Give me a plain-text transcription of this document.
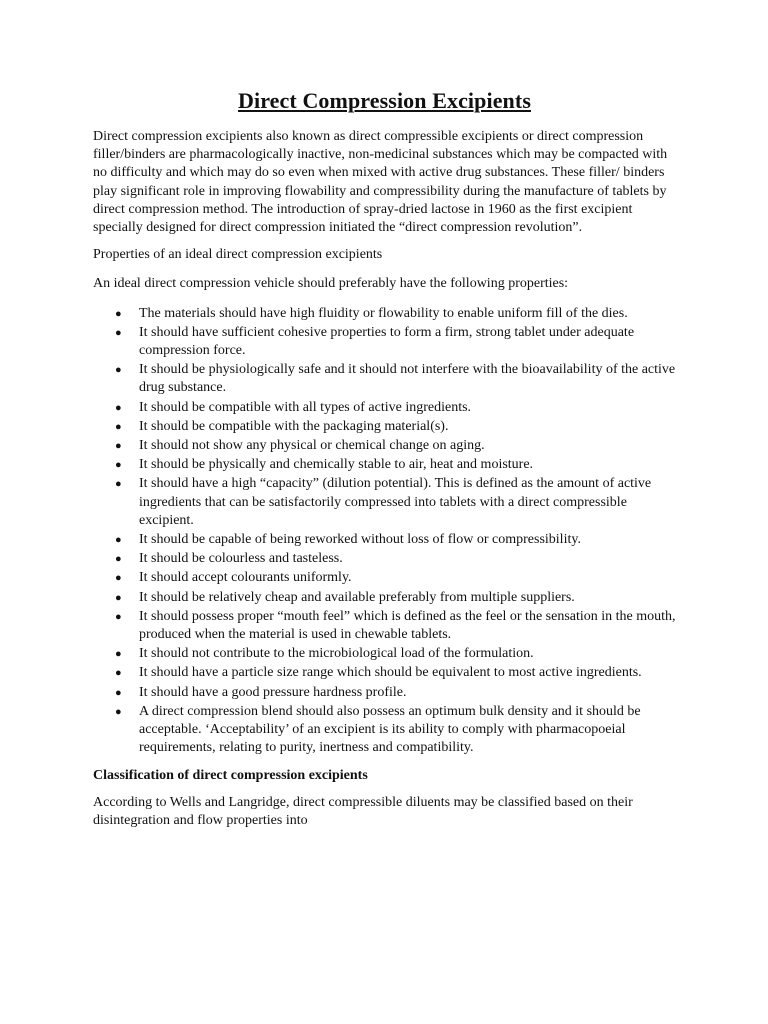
Direct Compression Excipients

Direct compression excipients also known as direct compressible excipients or direct compression filler/binders are pharmacologically inactive, non-medicinal substances which may be compacted with no difficulty and which may do so even when mixed with active drug substances. These filler/ binders play significant role in improving flowability and compressibility during the manufacture of tablets by direct compression method. The introduction of spray-dried lactose in 1960 as the first excipient specially designed for direct compression initiated the “direct compression revolution”.

Properties of an ideal direct compression excipients

An ideal direct compression vehicle should preferably have the following properties:

● The materials should have high fluidity or flowability to enable uniform fill of the dies.
● It should have sufficient cohesive properties to form a firm, strong tablet under adequate compression force.
● It should be physiologically safe and it should not interfere with the bioavailability of the active drug substance.
● It should be compatible with all types of active ingredients.
● It should be compatible with the packaging material(s).
● It should not show any physical or chemical change on aging.
● It should be physically and chemically stable to air, heat and moisture.
● It should have a high “capacity” (dilution potential). This is defined as the amount of active ingredients that can be satisfactorily compressed into tablets with a direct compressible excipient.
● It should be capable of being reworked without loss of flow or compressibility.
● It should be colourless and tasteless.
● It should accept colourants uniformly.
● It should be relatively cheap and available preferably from multiple suppliers.
● It should possess proper “mouth feel” which is defined as the feel or the sensation in the mouth, produced when the material is used in chewable tablets.
● It should not contribute to the microbiological load of the formulation.
● It should have a particle size range which should be equivalent to most active ingredients.
● It should have a good pressure hardness profile.
● A direct compression blend should also possess an optimum bulk density and it should be acceptable. ‘Acceptability’ of an excipient is its ability to comply with pharmacopoeial requirements, relating to purity, inertness and compatibility.

Classification of direct compression excipients

According to Wells and Langridge, direct compressible diluents may be classified based on their disintegration and flow properties into
